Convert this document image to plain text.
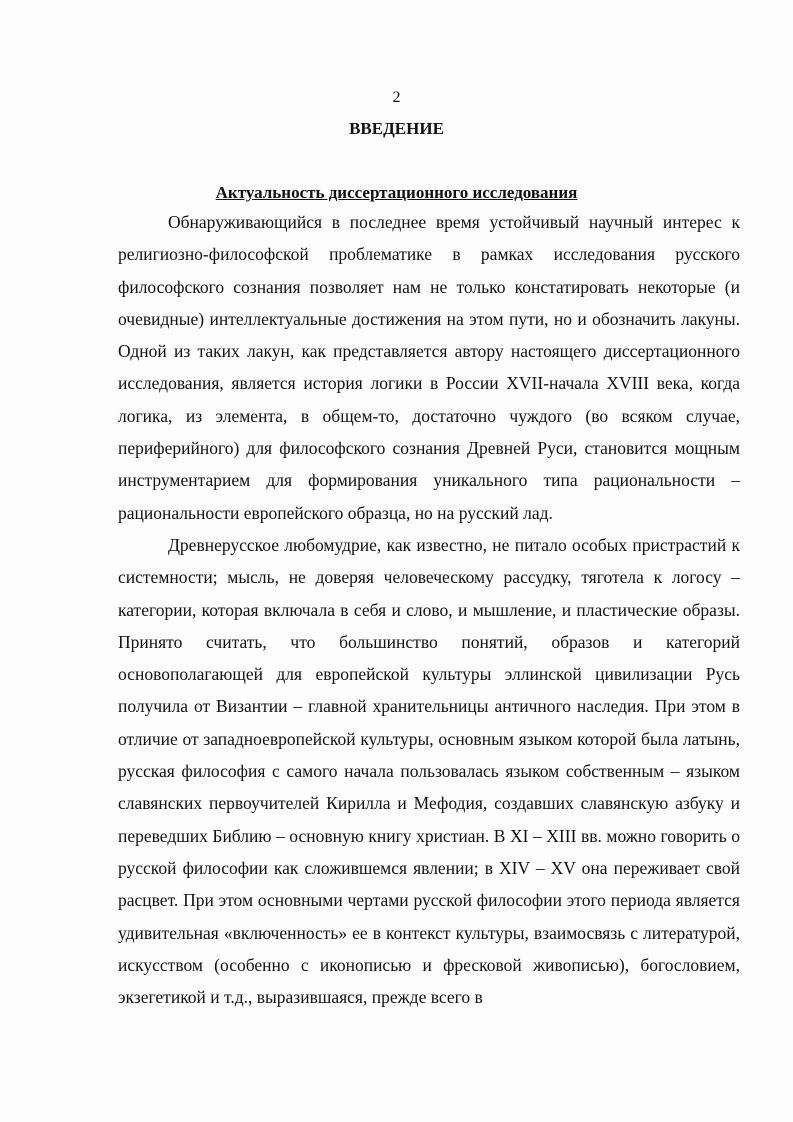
2
ВВЕДЕНИЕ
Актуальность диссертационного исследования

Обнаруживающийся в последнее время устойчивый научный интерес к религиозно-философской проблематике в рамках исследования русского философского сознания позволяет нам не только констатировать некоторые (и очевидные) интеллектуальные достижения на этом пути, но и обозначить лакуны. Одной из таких лакун, как представляется автору настоящего диссертационного исследования, является история логики в России XVII-начала XVIII века, когда логика, из элемента, в общем-то, достаточно чуждого (во всяком случае, периферийного) для философского сознания Древней Руси, становится мощным инструментарием для формирования уникального типа рациональности – рациональности европейского образца, но на русский лад.

Древнерусское любомудрие, как известно, не питало особых пристрастий к системности; мысль, не доверяя человеческому рассудку, тяготела к логосу – категории, которая включала в себя и слово, и мышление, и пластические образы. Принято считать, что большинство понятий, образов и категорий основополагающей для европейской культуры эллинской цивилизации Русь получила от Византии – главной хранительницы античного наследия. При этом в отличие от западноевропейской культуры, основным языком которой была латынь, русская философия с самого начала пользовалась языком собственным – языком славянских первоучителей Кирилла и Мефодия, создавших славянскую азбуку и переведших Библию – основную книгу христиан. В XI – XIII вв. можно говорить о русской философии как сложившемся явлении; в XIV – XV она переживает свой расцвет. При этом основными чертами русской философии этого периода является удивительная «включенность» ее в контекст культуры, взаимосвязь с литературой, искусством (особенно с иконописью и фресковой живописью), богословием, экзегетикой и т.д., выразившаяся, прежде всего в
